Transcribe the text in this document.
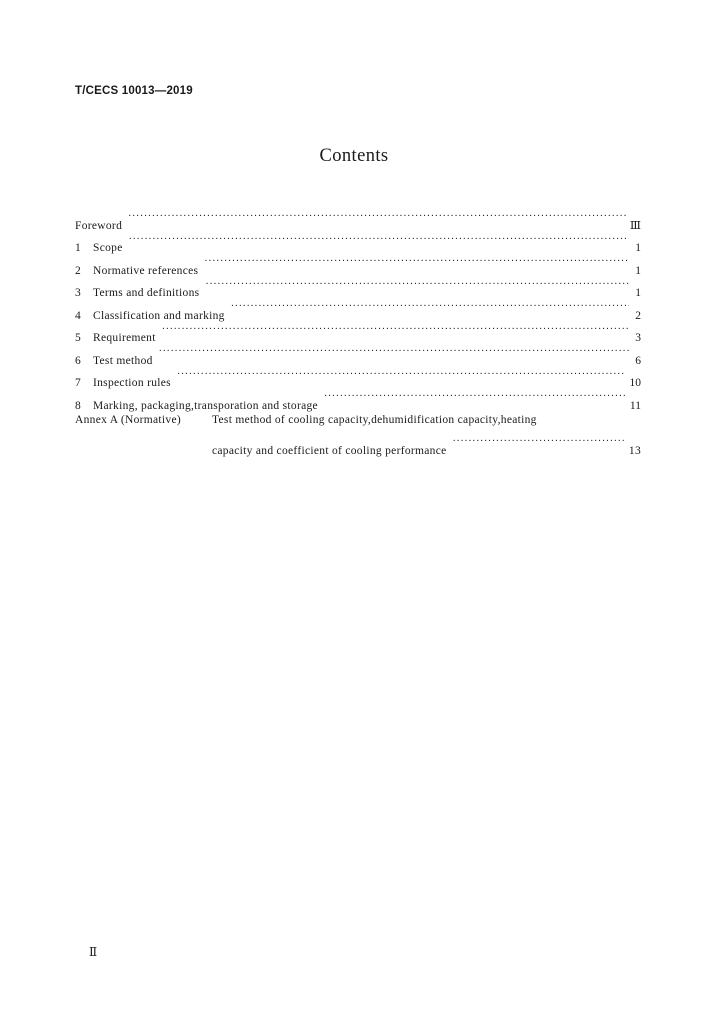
T/CECS 10013—2019
Contents
Foreword ·····	Ⅲ
1	Scope ·····	1
2	Normative references ·····	1
3	Terms and definitions ·····	1
4	Classification and marking ·····	2
5	Requirement ·····	3
6	Test method ·····	6
7	Inspection rules ·····	10
8	Marking, packaging,transporation and storage ·····	11
Annex A (Normative)	Test method of cooling capacity,dehumidification capacity,heating
capacity and coefficient of cooling performance ·····	13
Ⅱ
